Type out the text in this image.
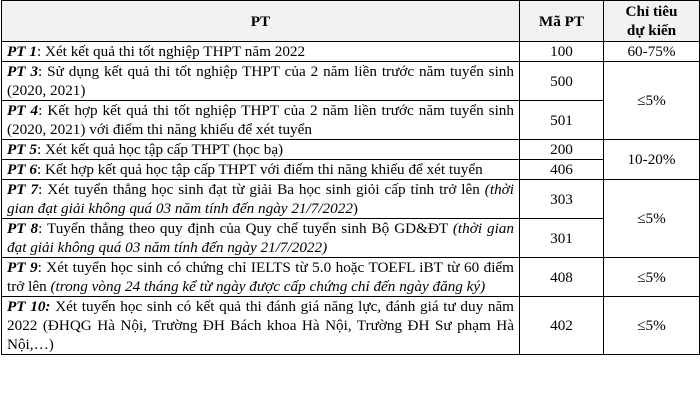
PT	Mã PT	Chỉ tiêu
dự kiến
PT 1: Xét kết quả thi tốt nghiệp THPT năm 2022	100	60-75%
PT 3: Sử dụng kết quả thi tốt nghiệp THPT của 2 năm liền trước năm tuyển sinh (2020, 2021)	500	≤5%
PT 4: Kết hợp kết quả thi tốt nghiệp THPT của 2 năm liền trước năm tuyển sinh (2020, 2021) với điểm thi năng khiếu để xét tuyển	501	
PT 5: Xét kết quả học tập cấp THPT (học bạ)	200	10-20%
PT 6: Kết hợp kết quả học tập cấp THPT với điểm thi năng khiếu để xét tuyển	406	
PT 7: Xét tuyển thẳng học sinh đạt từ giải Ba học sinh giỏi cấp tỉnh trở lên (thời gian đạt giải không quá 03 năm tính đến ngày 21/7/2022)	303	≤5%
PT 8: Tuyển thẳng theo quy định của Quy chế tuyển sinh Bộ GD&ĐT (thời gian đạt giải không quá 03 năm tính đến ngày 21/7/2022)	301	
PT 9: Xét tuyển học sinh có chứng chỉ IELTS từ 5.0 hoặc TOEFL iBT từ 60 điểm trở lên (trong vòng 24 tháng kể từ ngày được cấp chứng chỉ đến ngày đăng ký)	408	≤5%
PT 10: Xét tuyển học sinh có kết quả thi đánh giá năng lực, đánh giá tư duy năm 2022 (ĐHQG Hà Nội, Trường ĐH Bách khoa Hà Nội, Trường ĐH Sư phạm Hà Nội,…)	402	≤5%
